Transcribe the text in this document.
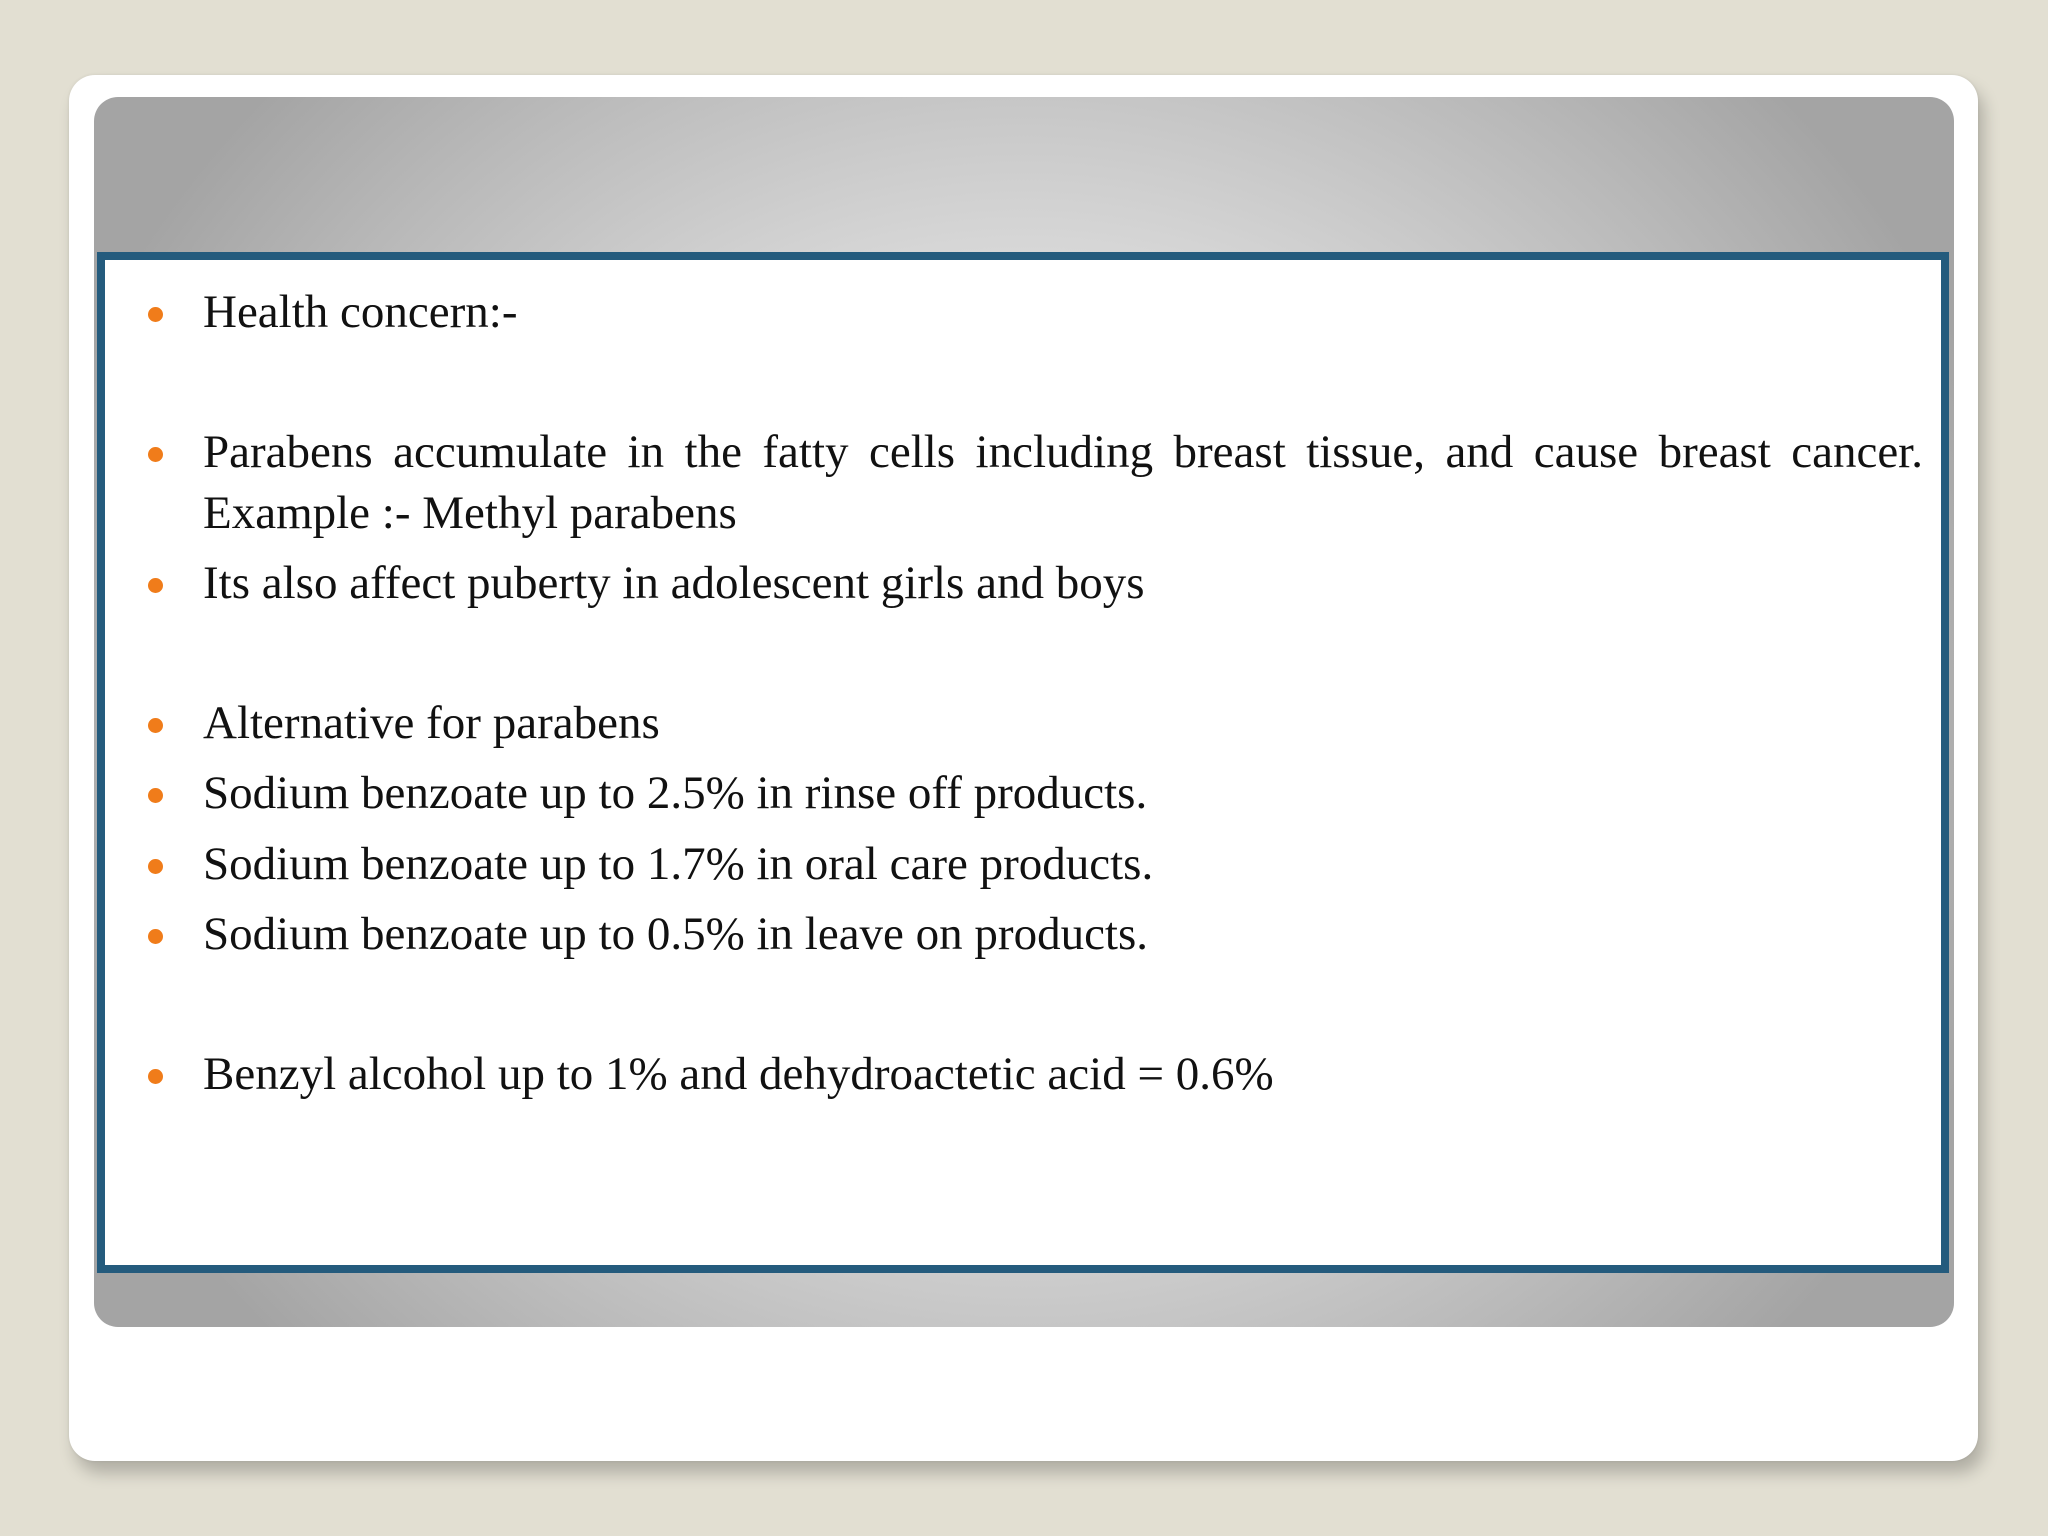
Health concern:-
Parabens accumulate in the fatty cells including breast tissue, and cause breast cancer. Example :- Methyl parabens
Its also affect puberty in adolescent girls and boys
Alternative for parabens
Sodium benzoate up to 2.5% in rinse off products.
Sodium benzoate up to 1.7% in oral care products.
Sodium benzoate up to 0.5% in leave on products.
Benzyl alcohol up to 1% and dehydroactetic acid = 0.6%
